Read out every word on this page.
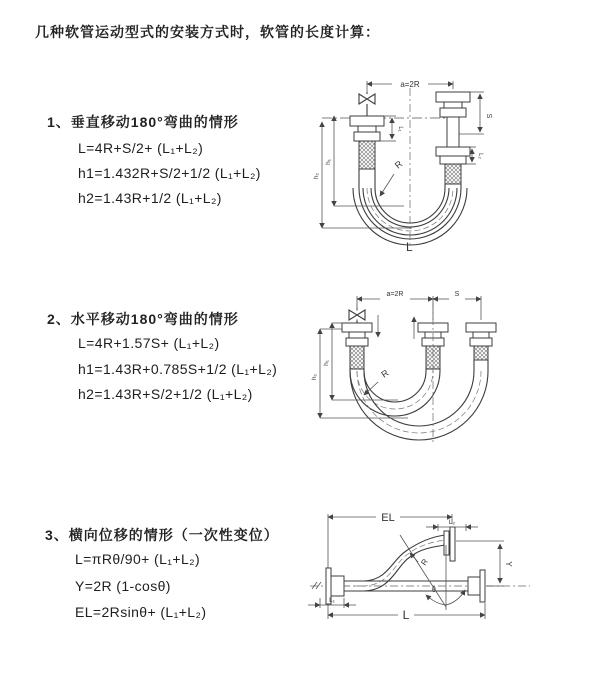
几种软管运动型式的安装方式时，软管的长度计算：
1、垂直移动180°弯曲的情形
L=4R+S/2+ (L₁+L₂)
h1=1.432R+S/2+1/2 (L₁+L₂)
h2=1.43R+1/2 (L₁+L₂)
2、水平移动180°弯曲的情形
L=4R+1.57S+ (L₁+L₂)
h1=1.43R+0.785S+1/2 (L₁+L₂)
h2=1.43R+S/2+1/2 (L₁+L₂)
3、横向位移的情形（一次性变位）
L=πRθ/90+ (L₁+L₂)
Y=2R (1-cosθ)
EL=2Rsinθ+ (L₁+L₂)
a=2R
R
S
L₂
L₁
h₁
h₂
L
a=2R	S
R
h₁
h₂
EL	L₂
Y
L
L₁
θ
R
